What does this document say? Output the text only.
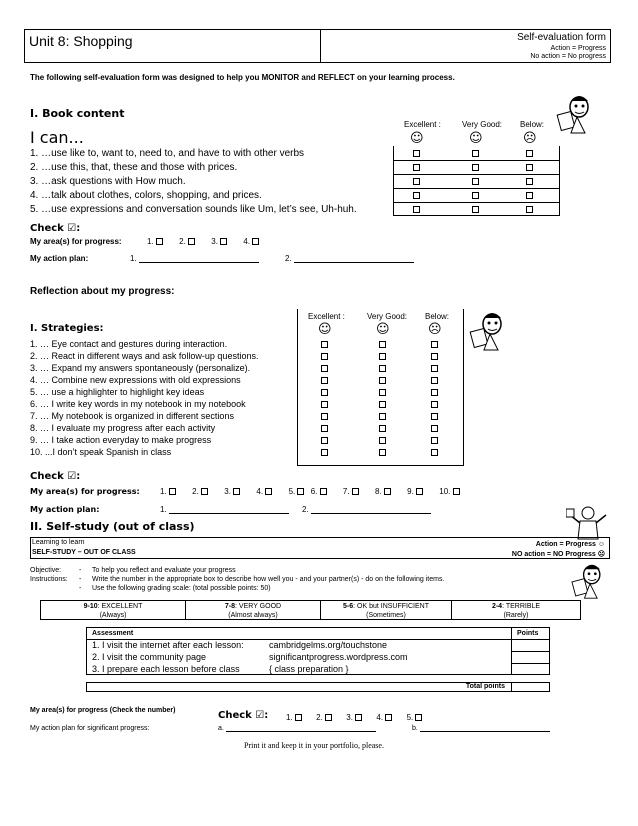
Unit 8: Shopping	Self-evaluation form
Action = Progress
No action = No progress
The following self-evaluation form was designed to help you MONITOR and REFLECT on your learning process.
I. Book content
I can...
Excellent :	Very Good: Below:
☺	☺	☹
1. …use like to, want to, need to, and have to with other verbs
2. …use this, that, these and those with prices.
3. …ask questions with How much.
4. …talk about clothes, colors, shopping, and prices.
5. …use expressions and conversation sounds like Um, let’s see, Uh-huh.
Check ☑:
My area(s) for progress:	1.	2.	3.	4.
My action plan:	1.	2.
Reflection about my progress:
I. Strategies:
Excellent :	Very Good: Below:
☺	☺	☹
1. … Eye contact and gestures during interaction.
2. … React in different ways and ask follow-up questions.
3. … Expand my answers spontaneously (personalize).
4. … Combine new expressions with old expressions
5. … use a highlighter to highlight key ideas
6. … I write key words in my notebook in my notebook
7. … My notebook is organized in different sections
8. … I evaluate my progress after each activity
9. … I take action everyday to make progress
10. ...I don’t speak Spanish in class
Check ☑:
My area(s) for progress:	1.	2.	3.	4.	5. 6.	7.	8.	9.	10.
My action plan:	1.	2.
II. Self-study (out of class)
Learning to learn
SELF-STUDY – OUT OF CLASS
Action = Progress ☺
NO action = NO Progress ☹
Objective:	- To help you reflect and evaluate your progress
Instructions: - Write the number in the appropriate box to describe how well you - and your partner(s) - do on the following items.
- Use the following grading scale: (total possible points: 50)
9-10: EXCELLENT
(Always)
7-8: VERY GOOD
(Almost always)
5-6: OK but INSUFFICIENT
(Sometimes)
2-4: TERRIBLE
(Rarely)
Assessment	Points
1. I visit the internet after each lesson:	cambridgelms.org/touchstone
2. I visit the community page	significantprogress.wordpress.com
3. I prepare each lesson before class	{ class preparation }
Total points
My area(s) for progress (Check the number)	Check ☑: 1.	2.	3.	4.	5.
My action plan for significant progress:	a.	b.
Print it and keep it in your portfolio, please.
